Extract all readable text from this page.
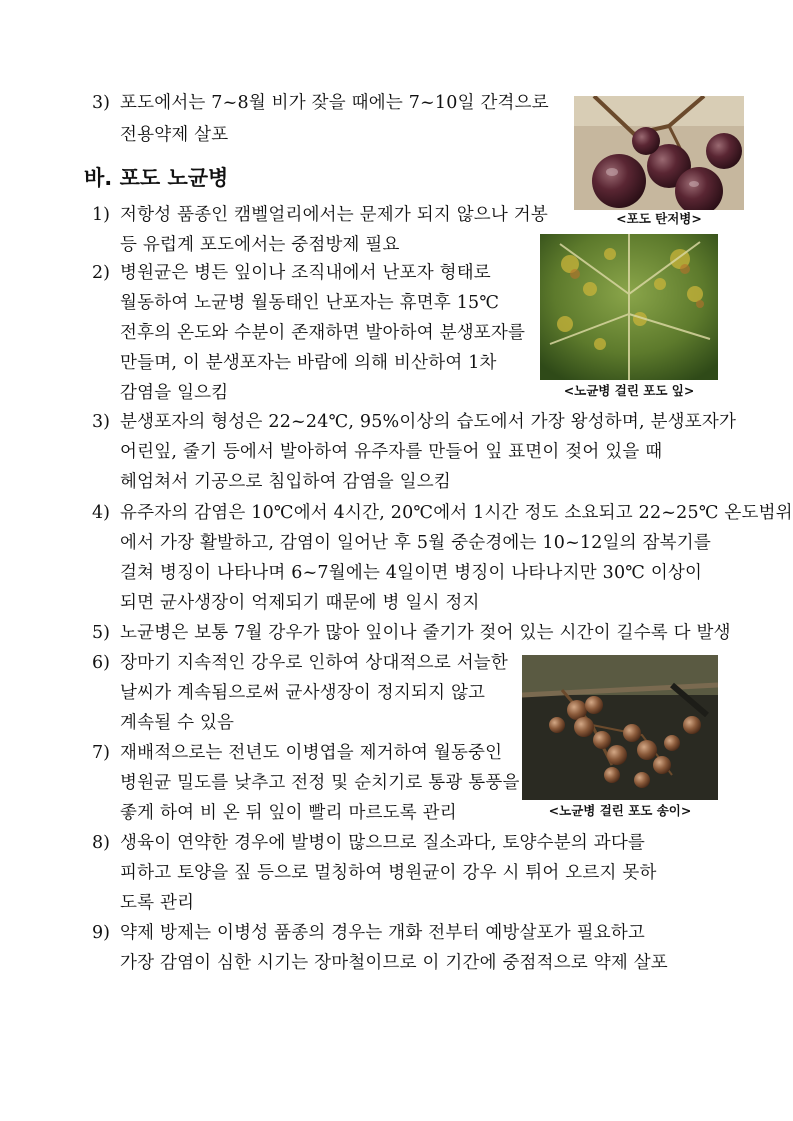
3) 포도에서는 7~8월 비가 잦을 때에는 7~10일 간격으로
전용약제 살포
바. 포도 노균병
1) 저항성 품종인 캠벨얼리에서는 문제가 되지 않으나 거봉
등 유럽계 포도에서는 중점방제 필요
2) 병원균은 병든 잎이나 조직내에서 난포자 형태로
월동하여 노균병 월동태인 난포자는 휴면후 15℃
전후의 온도와 수분이 존재하면 발아하여 분생포자를
만들며, 이 분생포자는 바람에 의해 비산하여 1차
감염을 일으킴
3) 분생포자의 형성은 22~24℃, 95%이상의 습도에서 가장 왕성하며, 분생포자가
어린잎, 줄기 등에서 발아하여 유주자를 만들어 잎 표면이 젖어 있을 때
헤엄쳐서 기공으로 침입하여 감염을 일으킴
4) 유주자의 감염은 10℃에서 4시간, 20℃에서 1시간 정도 소요되고 22~25℃ 온도범위
에서 가장 활발하고, 감염이 일어난 후 5월 중순경에는 10~12일의 잠복기를
걸쳐 병징이 나타나며 6~7월에는 4일이면 병징이 나타나지만 30℃ 이상이
되면 균사생장이 억제되기 때문에 병 일시 정지
5) 노균병은 보통 7월 강우가 많아 잎이나 줄기가 젖어 있는 시간이 길수록 다 발생
6) 장마기 지속적인 강우로 인하여 상대적으로 서늘한
날씨가 계속됨으로써 균사생장이 정지되지 않고
계속될 수 있음
7) 재배적으로는 전년도 이병엽을 제거하여 월동중인
병원균 밀도를 낮추고 전정 및 순치기로 통광 통풍을
좋게 하여 비 온 뒤 잎이 빨리 마르도록 관리
8) 생육이 연약한 경우에 발병이 많으므로 질소과다, 토양수분의 과다를
피하고 토양을 짚 등으로 멀칭하여 병원균이 강우 시 튀어 오르지 못하
도록 관리
9) 약제 방제는 이병성 품종의 경우는 개화 전부터 예방살포가 필요하고
가장 감염이 심한 시기는 장마철이므로 이 기간에 중점적으로 약제 살포
<포도 탄저병>
<노균병 걸린 포도 잎>
<노균병 걸린 포도 송이>
